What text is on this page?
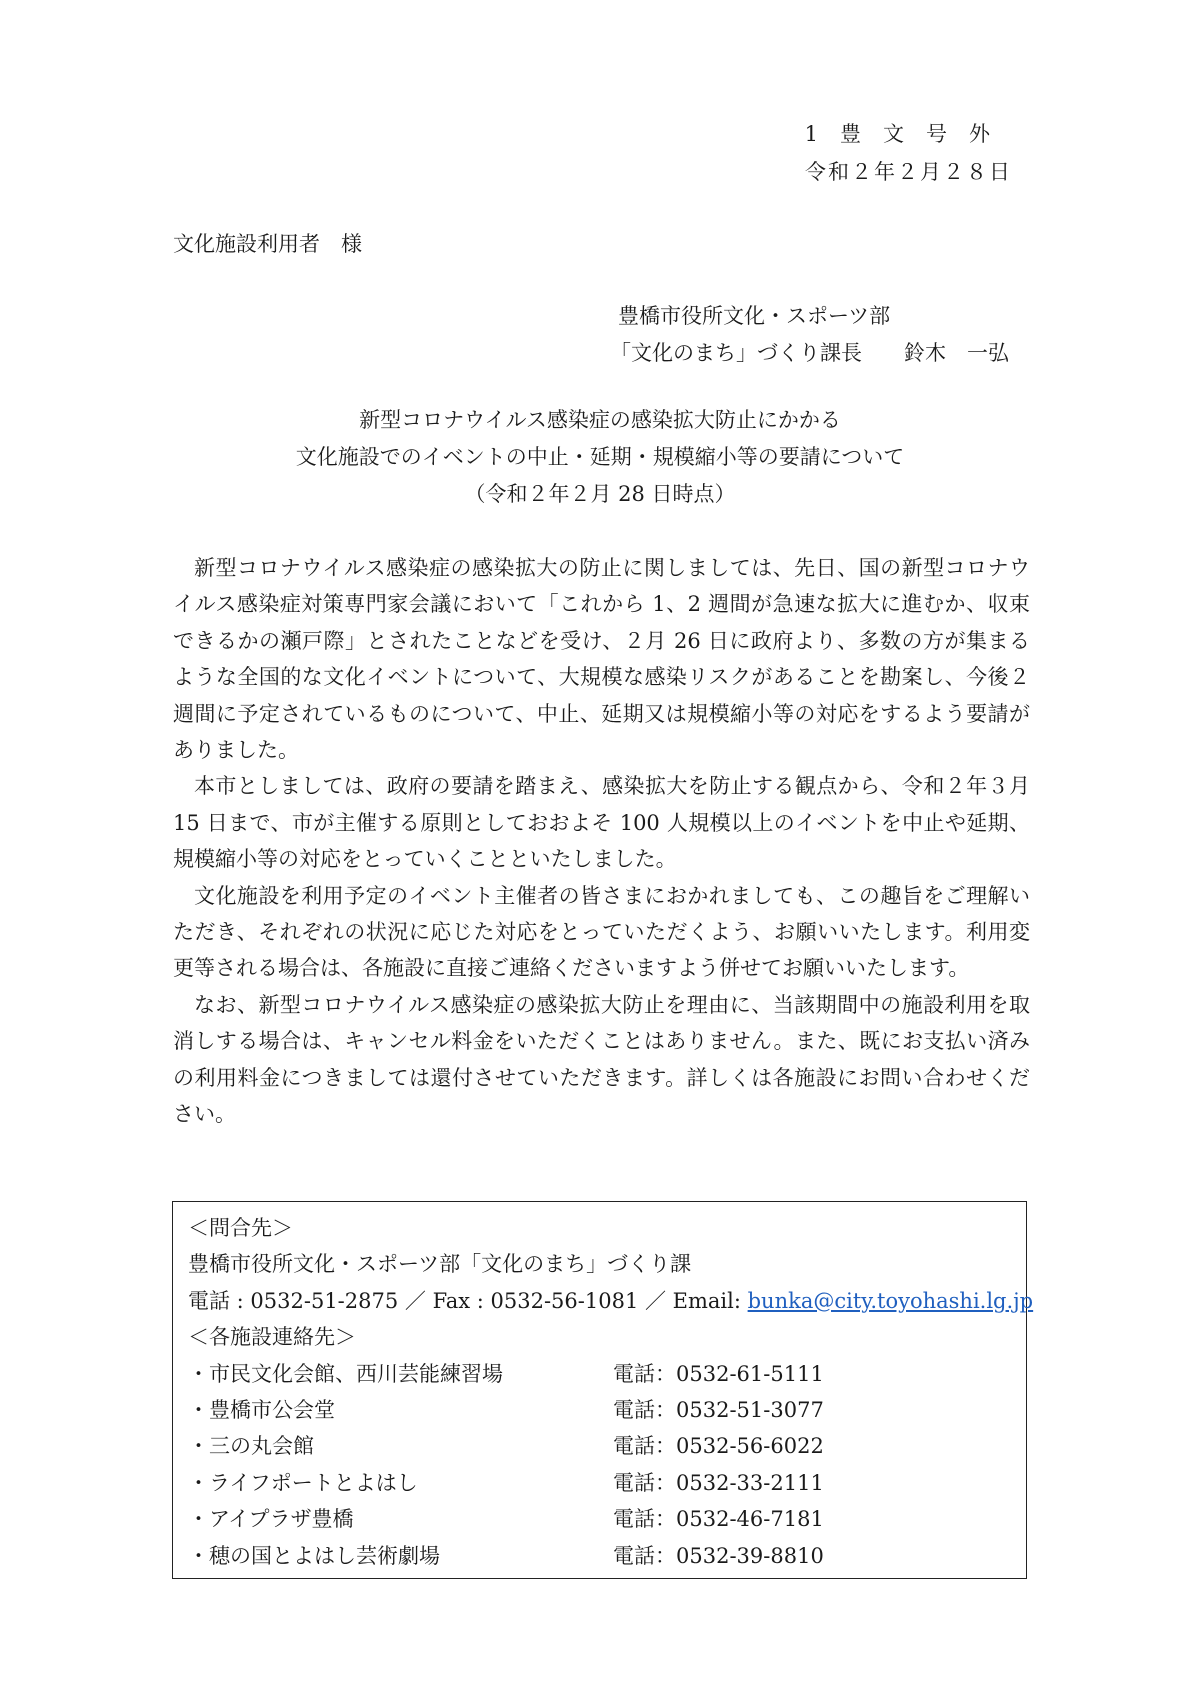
1豊文号外
令和２年２月２８日
文化施設利用者　様
豊橋市役所文化・スポーツ部
「文化のまち」づくり課長　　鈴木　一弘
新型コロナウイルス感染症の感染拡大防止にかかる
文化施設でのイベントの中止・延期・規模縮小等の要請について
（令和２年２月 28 日時点）

新型コロナウイルス感染症の感染拡大の防止に関しましては、先日、国の新型コロナウイルス感染症対策専門家会議において「これから 1、2 週間が急速な拡大に進むか、収束できるかの瀬戸際」とされたことなどを受け、２月 26 日に政府より、多数の方が集まるような全国的な文化イベントについて、大規模な感染リスクがあることを勘案し、今後２週間に予定されているものについて、中止、延期又は規模縮小等の対応をするよう要請がありました。

本市としましては、政府の要請を踏まえ、感染拡大を防止する観点から、令和２年３月 15 日まで、市が主催する原則としておおよそ 100 人規模以上のイベントを中止や延期、規模縮小等の対応をとっていくことといたしました。

文化施設を利用予定のイベント主催者の皆さまにおかれましても、この趣旨をご理解いただき、それぞれの状況に応じた対応をとっていただくよう、お願いいたします。利用変更等される場合は、各施設に直接ご連絡くださいますよう併せてお願いいたします。

なお、新型コロナウイルス感染症の感染拡大防止を理由に、当該期間中の施設利用を取消しする場合は、キャンセル料金をいただくことはありません。また、既にお支払い済みの利用料金につきましては還付させていただきます。詳しくは各施設にお問い合わせください。

＜問合先＞
豊橋市役所文化・スポーツ部「文化のまち」づくり課
電話 : 0532-51-2875 ／ Fax : 0532-56-1081 ／ Email: bunka@city.toyohashi.lg.jp
＜各施設連絡先＞
・市民文化会館、西川芸能練習場	電話：0532-61-5111
・豊橋市公会堂	電話：0532-51-3077
・三の丸会館	電話：0532-56-6022
・ライフポートとよはし	電話：0532-33-2111
・アイプラザ豊橋	電話：0532-46-7181
・穂の国とよはし芸術劇場	電話：0532-39-8810
